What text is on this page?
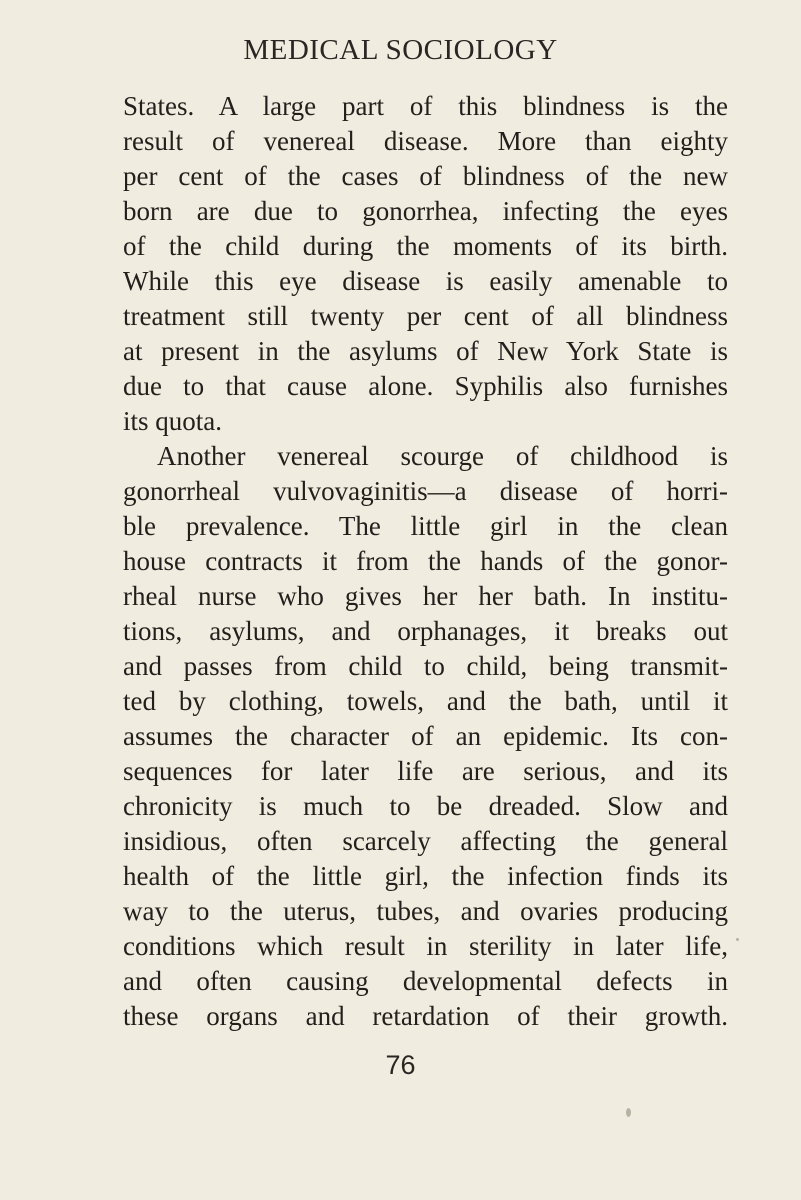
MEDICAL SOCIOLOGY
States. A large part of this blindness is the
result of venereal disease. More than eighty
per cent of the cases of blindness of the new
born are due to gonorrhea, infecting the eyes
of the child during the moments of its birth.
While this eye disease is easily amenable to
treatment still twenty per cent of all blindness
at present in the asylums of New York State is
due to that cause alone. Syphilis also furnishes
its quota.
Another venereal scourge of childhood is
gonorrheal vulvovaginitis—a disease of horri-
ble prevalence. The little girl in the clean
house contracts it from the hands of the gonor-
rheal nurse who gives her her bath. In institu-
tions, asylums, and orphanages, it breaks out
and passes from child to child, being transmit-
ted by clothing, towels, and the bath, until it
assumes the character of an epidemic. Its con-
sequences for later life are serious, and its
chronicity is much to be dreaded. Slow and
insidious, often scarcely affecting the general
health of the little girl, the infection finds its
way to the uterus, tubes, and ovaries producing
conditions which result in sterility in later life,
and often causing developmental defects in
these organs and retardation of their growth.
76
